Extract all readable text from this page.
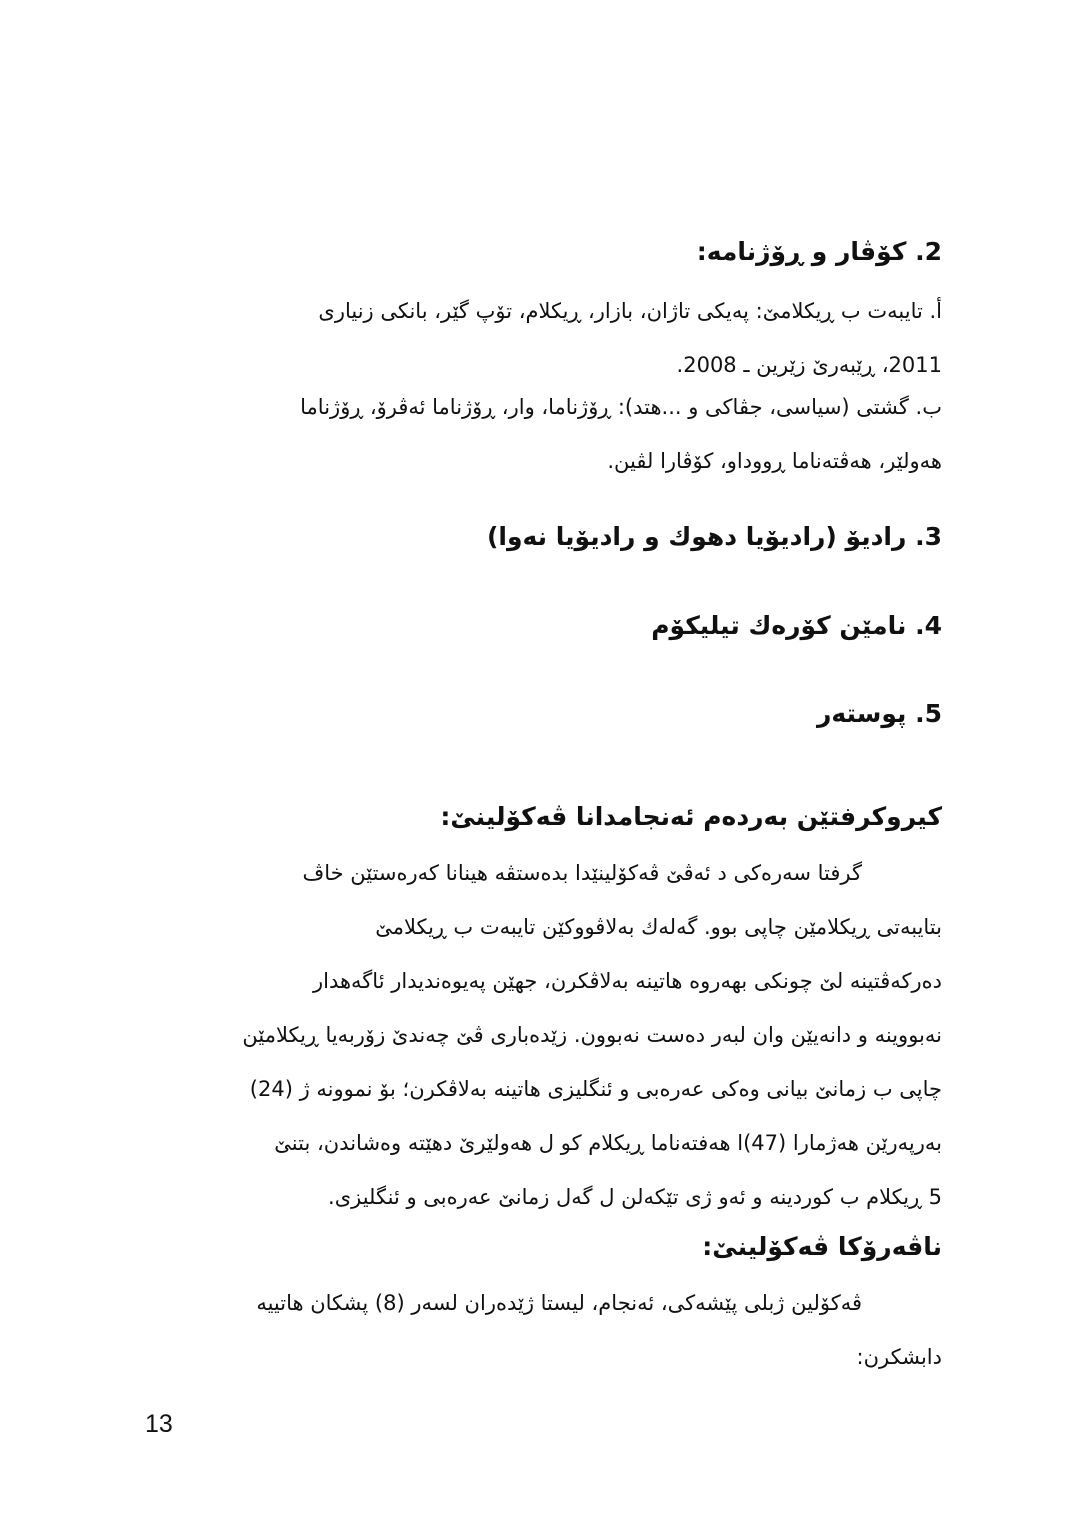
2. كۆڤار و ڕۆژنامە:
أ. تایبەت ب ڕیکلامێ: پەیکی تاژان، بازار، ڕیکلام، تۆپ گێر، بانکی زنیاری
2011، ڕێبەرێ زێرین ـ 2008.
ب. گشتی (سیاسی، جڤاکی و ...هتد): ڕۆژناما، وار، ڕۆژناما ئەڤرۆ، ڕۆژناما
هەولێر، هەڤتەناما ڕووداو، کۆڤارا لڤین.
3. رادیۆ (رادیۆیا دهوك و رادیۆیا نەوا)
4. نامێن كۆرەك تیلیكۆم
5. پوستەر
كیروكرفتێن بەردەم ئەنجامدانا ڤەكۆلینێ:
گرفتا سەرەكی د ئەڤێ ڤەكۆلینێدا بدەستڤە هینانا كەرەستێن خاڤ
بتایبەتی ڕیكلامێن چاپی بوو. گەلەك بەلاڤووكێن تایبەت ب ڕیكلامێ
دەركەڤتینە لێ چونكی بهەروە هاتینە بەلاڤكرن، جهێن پەیوەندیدار ئاگەهدار
نەبووینە و دانەیێن وان لبەر دەست نەبوون. زێدەباری ڤێ چەندێ زۆربەیا ڕیكلامێن
چاپی ب زمانێ بیانی وەكی عەرەبی و ئنگلیزی هاتینە بەلاڤكرن؛ بۆ نموونە ژ (24)
بەرپەرێن هەژمارا (47)ا هەفتەناما ڕیكلام كو ل هەولێرێ دهێتە وەشاندن، بتنێ
5 ڕیكلام ب كوردینە و ئەو ژی تێكەلن ل گەل زمانێ عەرەبی و ئنگلیزی.
ناڤەرۆكا ڤەكۆلینێ:
ڤەكۆلین ژبلی پێشەكی، ئەنجام، لیستا ژێدەران لسەر (8) پشكان هاتییە
دابشكرن:
13
